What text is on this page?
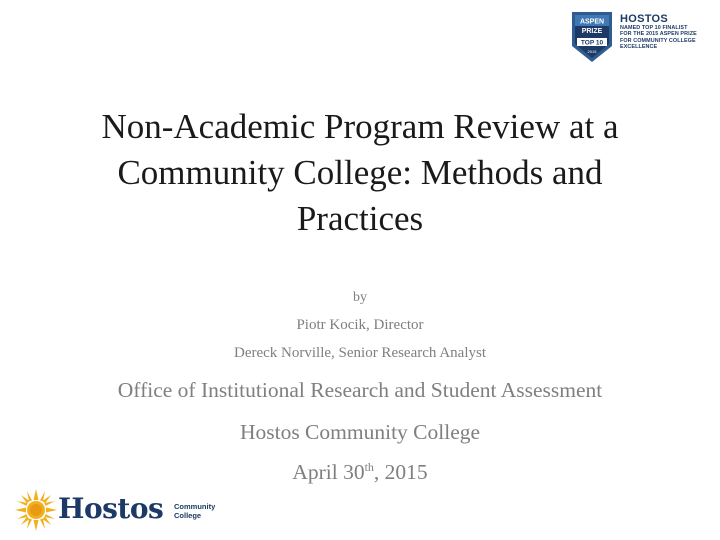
ASPEN
PRIZE
TOP 10
2015
HOSTOS
NAMED TOP 10 FINALIST
FOR THE 2015 ASPEN PRIZE
FOR COMMUNITY COLLEGE
EXCELLENCE
Non-Academic Program Review at a
Community College: Methods and
Practices

by

Piotr Kocik, Director

Dereck Norville, Senior Research Analyst

Office of Institutional Research and Student Assessment

Hostos Community College

April 30th, 2015

Hostos Community
College
